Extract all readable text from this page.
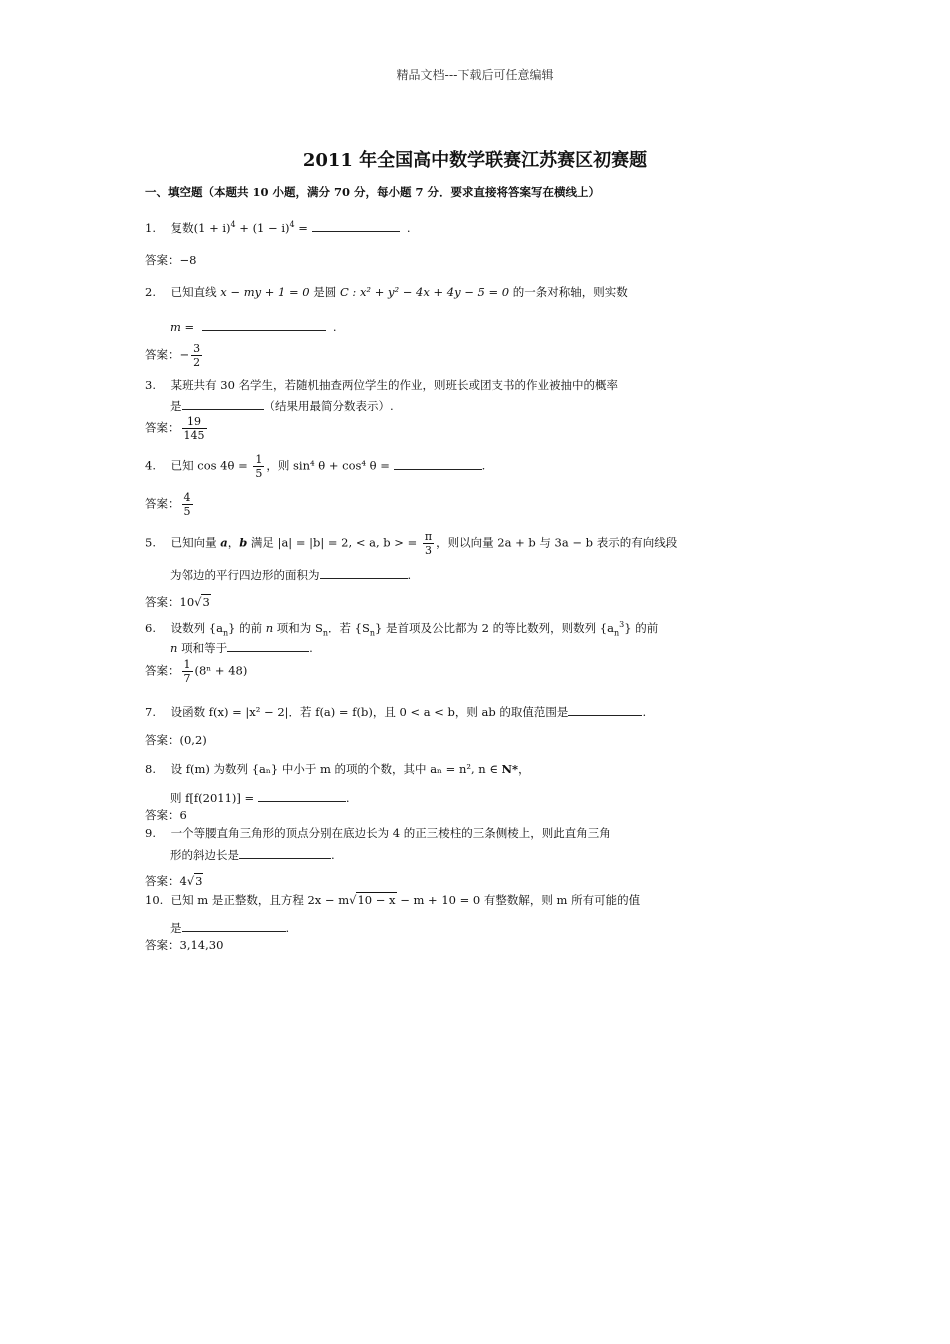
精品文档---下载后可任意编辑
2011 年全国高中数学联赛江苏赛区初赛题
一、填空题（本题共 10 小题，满分 70 分，每小题 7 分．要求直接将答案写在横线上）
1. 复数$(1 + i)^4 + (1 - i)^4$ =	.
答案：−8
2. 已知直线 x − my + 1 = 0 是圆 C : x² + y² − 4x + 4y − 5 = 0 的一条对称轴，则实数
m =	.
答案：− $\frac{3}{2}$
3. 某班共有 30 名学生，若随机抽查两位学生的作业，则班长或团支书的作业被抽中的概率
是	（结果用最简分数表示）.
答案： $\frac{19}{145}$
4. 已知 $\cos 4\theta = \frac{1}{5}$ ，则 sin⁴ θ + cos⁴ θ =	.
答案： $\frac{4}{5}$
5. 已知向量 a，b 满足 |a| = |b| = 2, < a, b > = $\frac{\pi}{3}$ ，则以向量 2a + b 与 3a − b 表示的有向线段
为邻边的平行四边形的面积为	.
答案：10√3
6. 设数列 $\{a_n\}$ 的前 n 项和为 $S_n$．若 $\{S_n\}$ 是首项及公比都为 2 的等比数列，则数列 $\{a_n^3\}$ 的前
n 项和等于	.
答案： $\frac{1}{7} (8^n + 48)$
7. 设函数 f(x) = |x² − 2|．若 f(a) = f(b)，且 0 < a < b，则 ab 的取值范围是	.
答案：(0,2)
8. 设 f(m) 为数列 {aₙ} 中小于 m 的项的个数，其中 aₙ = n², n ∈ N*，
则 f[f(2011)] =	.
答案：6
9. 一个等腰直角三角形的顶点分别在底边长为 4 的正三棱柱的三条侧棱上，则此直角三角
形的斜边长是	.
答案：4√3
10. 已知 m 是正整数，且方程 2x − m√10 − x − m + 10 = 0 有整数解，则 m 所有可能的值
是	.
答案：3,14,30
